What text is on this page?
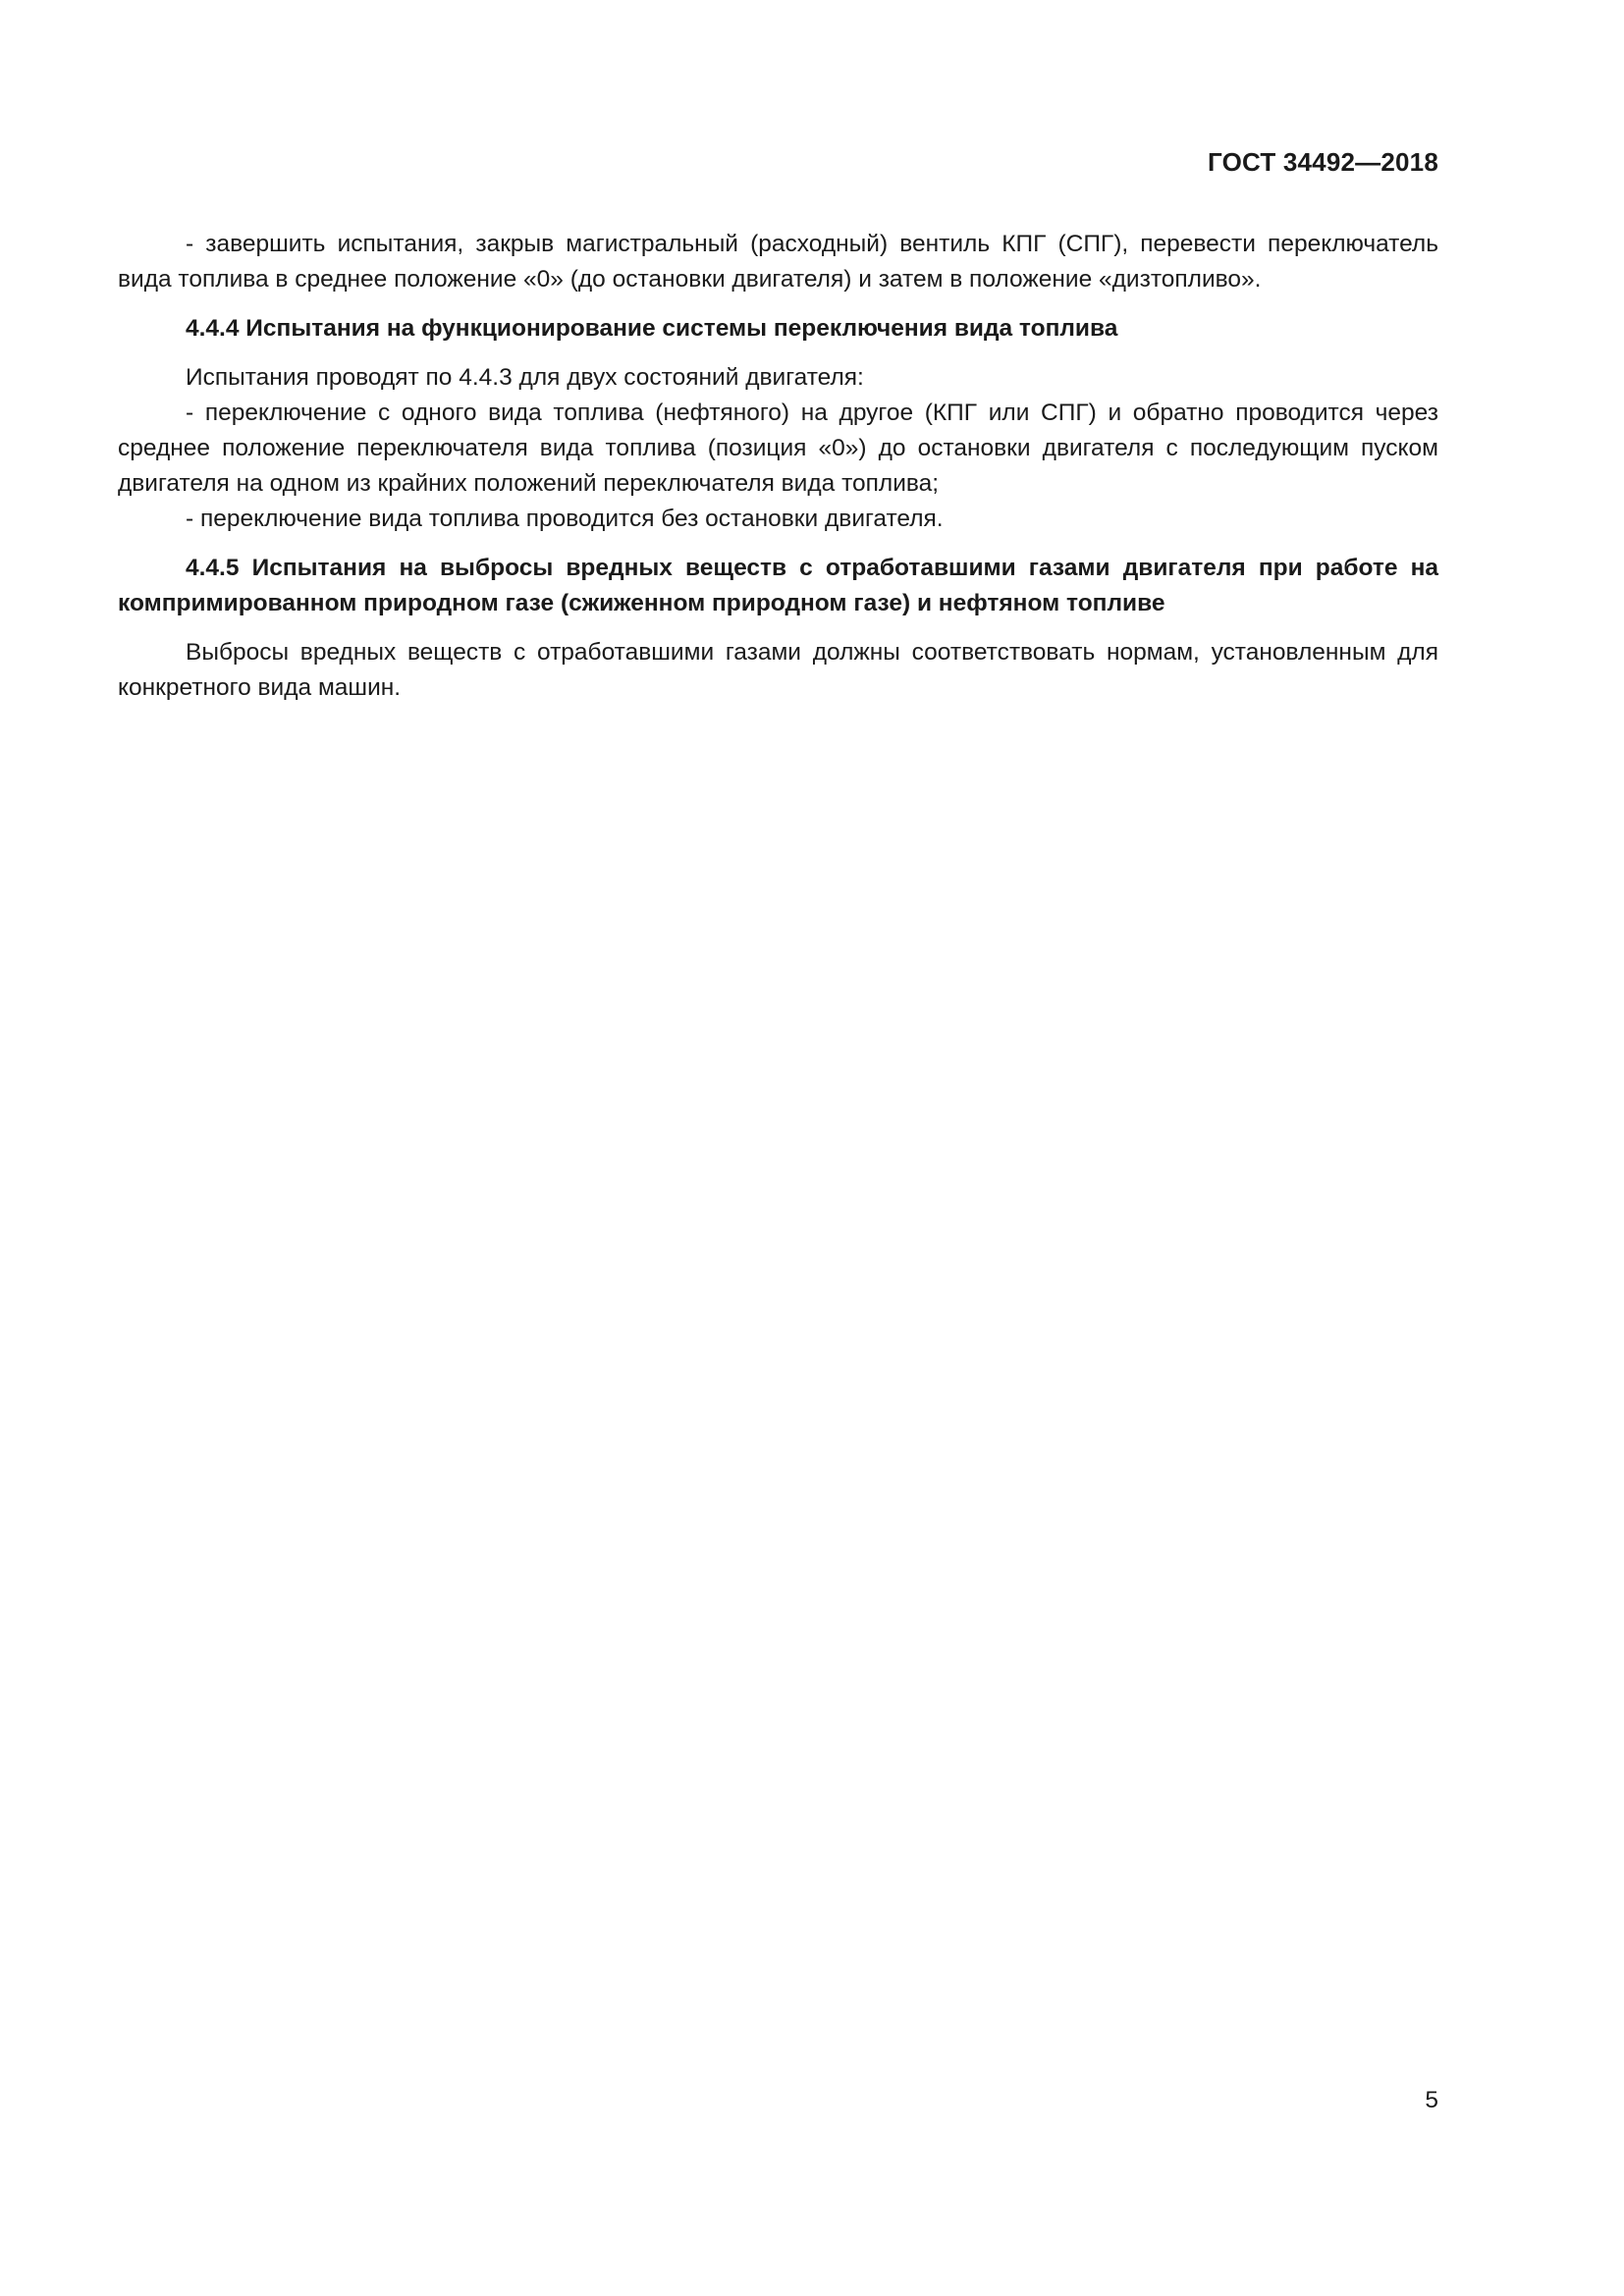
ГОСТ 34492—2018

- завершить испытания, закрыв магистральный (расходный) вентиль КПГ (СПГ), перевести переключатель вида топлива в среднее положение «0» (до остановки двигателя) и затем в положение «дизтопливо».

4.4.4 Испытания на функционирование системы переключения вида топлива

Испытания проводят по 4.4.3 для двух состояний двигателя:

- переключение с одного вида топлива (нефтяного) на другое (КПГ или СПГ) и обратно проводится через среднее положение переключателя вида топлива (позиция «0») до остановки двигателя с последующим пуском двигателя на одном из крайних положений переключателя вида топлива;

- переключение вида топлива проводится без остановки двигателя.

4.4.5 Испытания на выбросы вредных веществ с отработавшими газами двигателя при работе на компримированном природном газе (сжиженном природном газе) и нефтяном топливе

Выбросы вредных веществ с отработавшими газами должны соответствовать нормам, установленным для конкретного вида машин.

5
